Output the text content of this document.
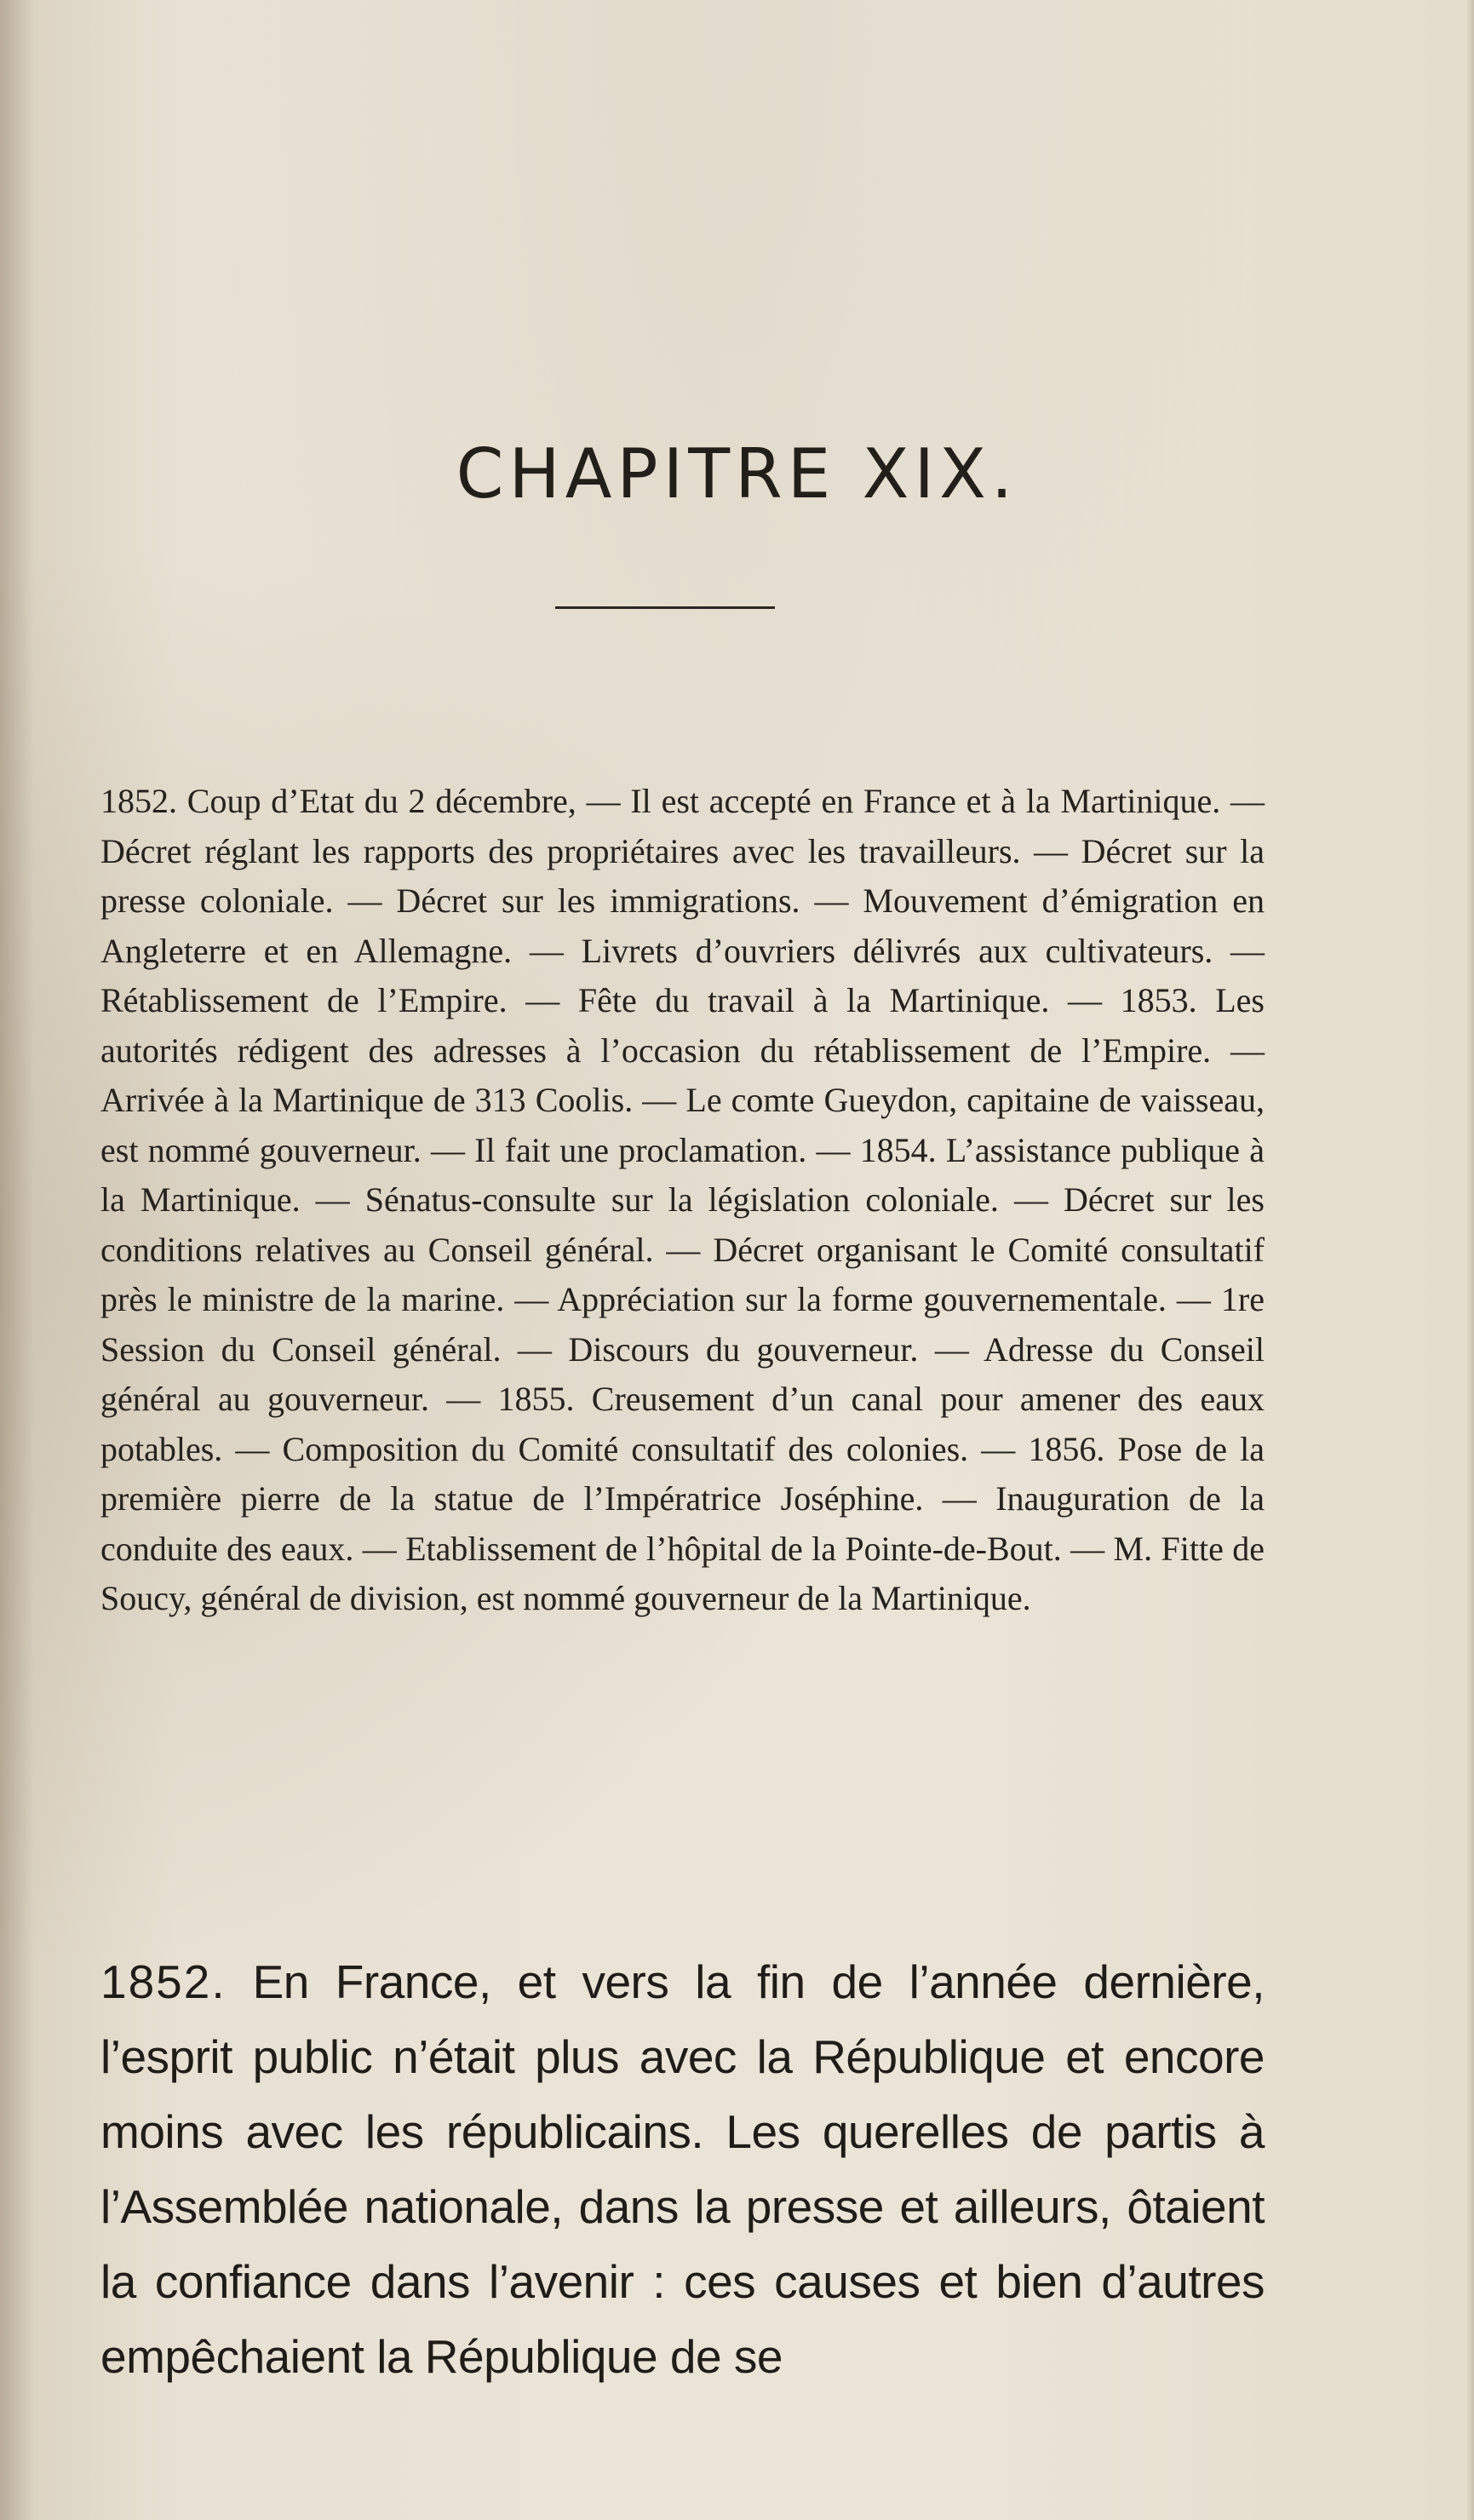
CHAPITRE XIX.

1852. Coup d’Etat du 2 décembre, — Il est accepté en France et à la Martinique. — Décret réglant les rapports des propriétaires avec les travailleurs. — Décret sur la presse coloniale. — Décret sur les immigrations. — Mouvement d’émigration en Angleterre et en Allemagne. — Livrets d’ouvriers délivrés aux cultivateurs. — Rétablissement de l’Empire. — Fête du travail à la Martinique. — 1853. Les autorités rédigent des adresses à l’occasion du rétablissement de l’Empire. — Arrivée à la Martinique de 313 Coolis. — Le comte Gueydon, capitaine de vaisseau, est nommé gouverneur. — Il fait une proclamation. — 1854. L’assistance publique à la Martinique. — Sénatus-consulte sur la législation coloniale. — Décret sur les conditions relatives au Conseil général. — Décret organisant le Comité consultatif près le ministre de la marine. — Appréciation sur la forme gouvernementale. — 1re Session du Conseil général. — Discours du gouverneur. — Adresse du Conseil général au gouverneur. — 1855. Creusement d’un canal pour amener des eaux potables. — Composition du Comité consultatif des colonies. — 1856. Pose de la première pierre de la statue de l’Impératrice Joséphine. — Inauguration de la conduite des eaux. — Etablissement de l’hôpital de la Pointe-de-Bout. — M. Fitte de Soucy, général de division, est nommé gouverneur de la Martinique.

1852. En France, et vers la fin de l’année dernière, l’esprit public n’était plus avec la République et encore moins avec les républicains. Les querelles de partis à l’Assemblée nationale, dans la presse et ailleurs, ôtaient la confiance dans l’avenir : ces causes et bien d’autres empêchaient la République de se
